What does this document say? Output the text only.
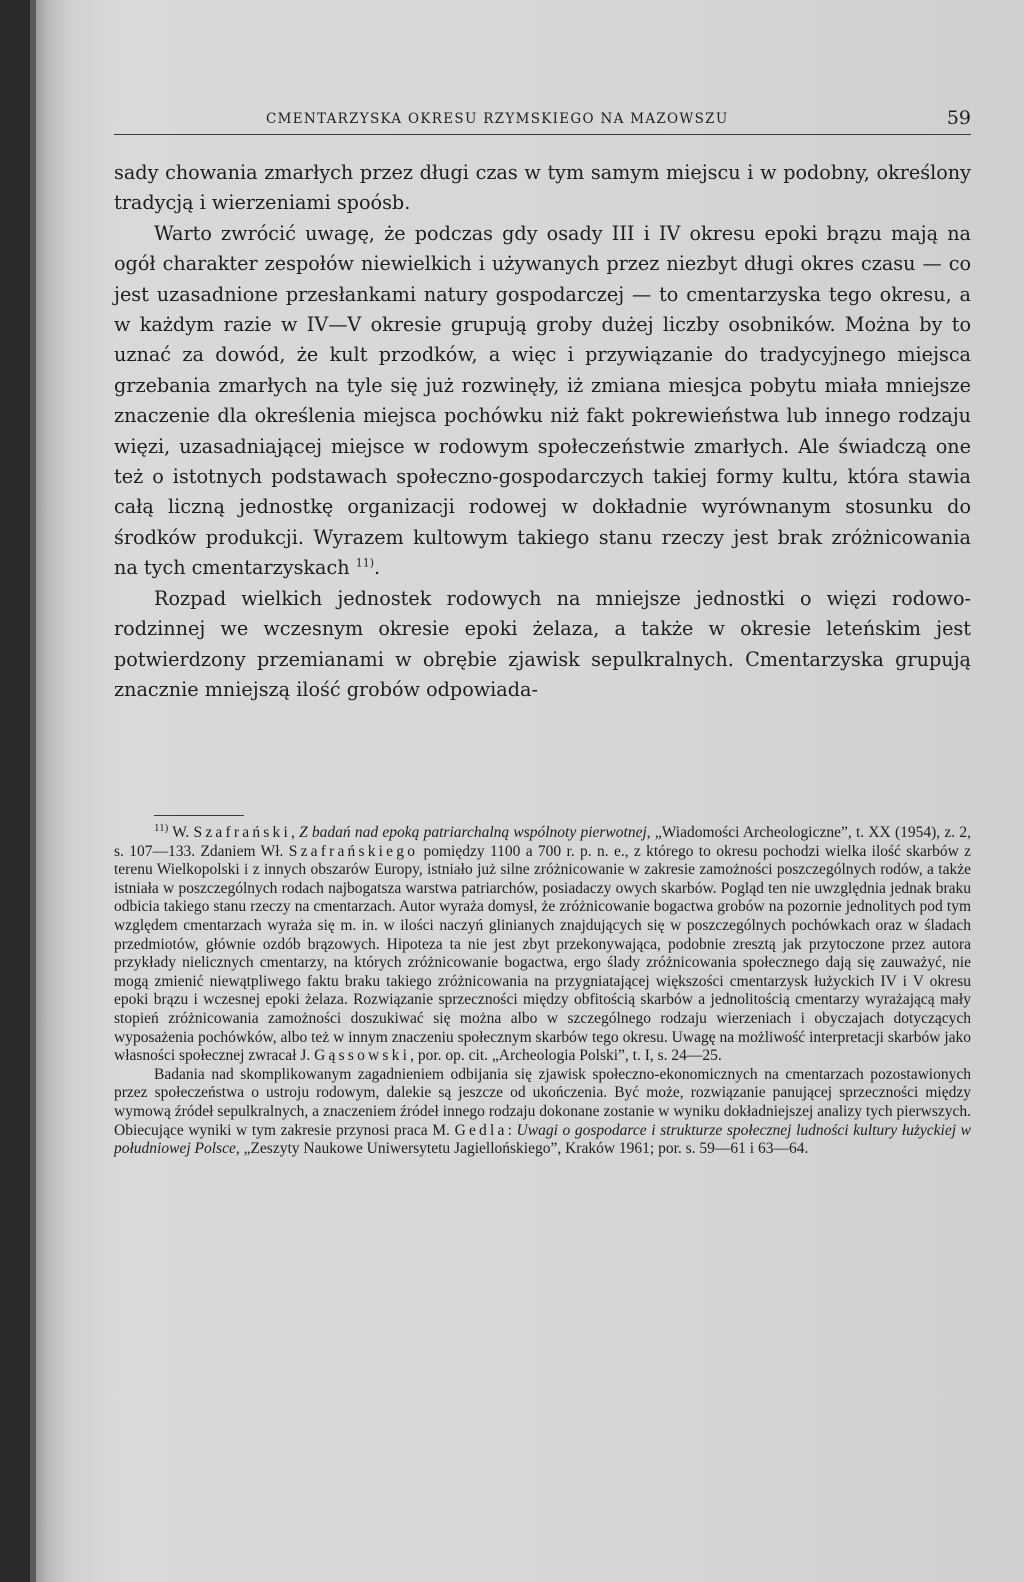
CMENTARZYSKA OKRESU RZYMSKIEGO NA MAZOWSZU	59

sady chowania zmarłych przez długi czas w tym samym miejscu i w podobny, określony tradycją i wierzeniami spoósb.

Warto zwrócić uwagę, że podczas gdy osady III i IV okresu epoki brązu mają na ogół charakter zespołów niewielkich i używanych przez niezbyt długi okres czasu — co jest uzasadnione przesłankami natury gospodarczej — to cmentarzyska tego okresu, a w każdym razie w IV—V okresie grupują groby dużej liczby osobników. Można by to uznać za dowód, że kult przodków, a więc i przywiązanie do tradycyjnego miejsca grzebania zmarłych na tyle się już rozwinęły, iż zmiana miesjca pobytu miała mniejsze znaczenie dla określenia miejsca pochówku niż fakt pokrewieństwa lub innego rodzaju więzi, uzasadniającej miejsce w rodowym społeczeństwie zmarłych. Ale świadczą one też o istotnych podstawach społeczno-gospodarczych takiej formy kultu, która stawia całą liczną jednostkę organizacji rodowej w dokładnie wyrównanym stosunku do środków produkcji. Wyrazem kultowym takiego stanu rzeczy jest brak zróżnicowania na tych cmentarzyskach $^{11)}$.

Rozpad wielkich jednostek rodowych na mniejsze jednostki o więzi rodowo-rodzinnej we wczesnym okresie epoki żelaza, a także w okresie leteńskim jest potwierdzony przemianami w obrębie zjawisk sepulkralnych. Cmentarzyska grupują znacznie mniejszą ilość grobów odpowiada-

$^{11)}$ W. Szafrański, Z badań nad epoką patriarchalną wspólnoty pierwotnej, „Wiadomości Archeologiczne”, t. XX (1954), z. 2, s. 107—133. Zdaniem Wł. Szafrańskiego pomiędzy 1100 a 700 r. p. n. e., z którego to okresu pochodzi wielka ilość skarbów z terenu Wielkopolski i z innych obszarów Europy, istniało już silne zróżnicowanie w zakresie zamożności poszczególnych rodów, a także istniała w poszczególnych rodach najbogatsza warstwa patriarchów, posiadaczy owych skarbów. Pogląd ten nie uwzględnia jednak braku odbicia takiego stanu rzeczy na cmentarzach. Autor wyraża domysł, że zróżnicowanie bogactwa grobów na pozornie jednolitych pod tym względem cmentarzach wyraża się m. in. w ilości naczyń glinianych znajdujących się w poszczególnych pochówkach oraz w śladach przedmiotów, głównie ozdób brązowych. Hipoteza ta nie jest zbyt przekonywająca, podobnie zresztą jak przytoczone przez autora przykłady nielicznych cmentarzy, na których zróżnicowanie bogactwa, ergo ślady zróżnicowania społecznego dają się zauważyć, nie mogą zmienić niewątpliwego faktu braku takiego zróżnicowania na przygniatającej większości cmentarzysk łużyckich IV i V okresu epoki brązu i wczesnej epoki żelaza. Rozwiązanie sprzeczności między obfitością skarbów a jednolitością cmentarzy wyrażającą mały stopień zróżnicowania zamożności doszukiwać się można albo w szczególnego rodzaju wierzeniach i obyczajach dotyczących wyposażenia pochówków, albo też w innym znaczeniu społecznym skarbów tego okresu. Uwagę na możliwość interpretacji skarbów jako własności społecznej zwracał J. Gąssowski, por. op. cit. „Archeologia Polski”, t. I, s. 24—25.

Badania nad skomplikowanym zagadnieniem odbijania się zjawisk społeczno-ekonomicznych na cmentarzach pozostawionych przez społeczeństwa o ustroju rodowym, dalekie są jeszcze od ukończenia. Być może, rozwiązanie panującej sprzeczności między wymową źródeł sepulkralnych, a znaczeniem źródeł innego rodzaju dokonane zostanie w wyniku dokładniejszej analizy tych pierwszych. Obiecujące wyniki w tym zakresie przynosi praca M. Gedla: Uwagi o gospodarce i strukturze społecznej ludności kultury łużyckiej w południowej Polsce, „Zeszyty Naukowe Uniwersytetu Jagiellońskiego”, Kraków 1961; por. s. 59—61 i 63—64.
